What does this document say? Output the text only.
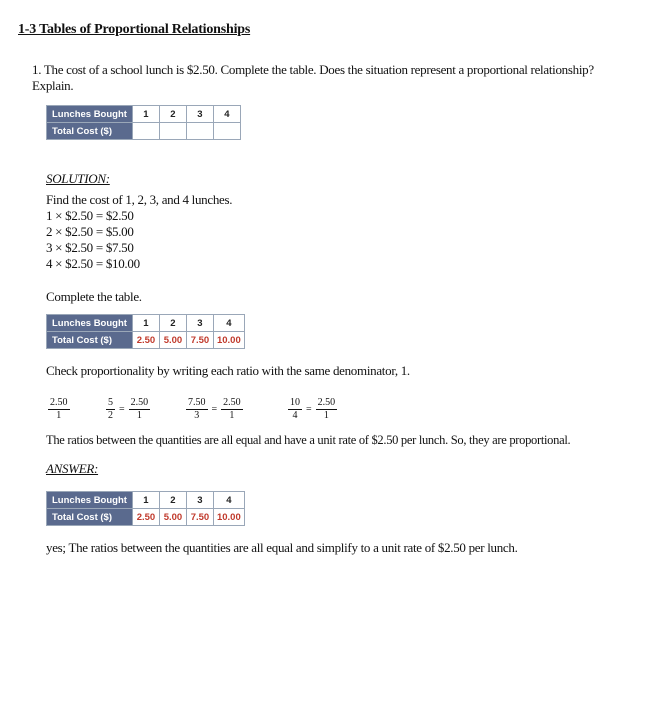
1-3 Tables of Proportional Relationships
1. The cost of a school lunch is $2.50. Complete the table. Does the situation represent a proportional relationship? Explain.
Lunches Bought	1	2	3	4
Total Cost ($)				
SOLUTION:
Find the cost of 1, 2, 3, and 4 lunches.
1 × $2.50 = $2.50
2 × $2.50 = $5.00
3 × $2.50 = $7.50
4 × $2.50 = $10.00
Complete the table.
Lunches Bought	1	2	3	4
Total Cost ($)	2.50	5.00	7.50	10.00
Check proportionality by writing each ratio with the same denominator, 1.
$\frac{2.50}{1}$	$\frac{5}{2} = \frac{2.50}{1}$	$\frac{7.50}{3} = \frac{2.50}{1}$	$\frac{10}{4} = \frac{2.50}{1}$
The ratios between the quantities are all equal and have a unit rate of $2.50 per lunch. So, they are proportional.
ANSWER:
Lunches Bought	1	2	3	4
Total Cost ($)	2.50	5.00	7.50	10.00
yes; The ratios between the quantities are all equal and simplify to a unit rate of $2.50 per lunch.
